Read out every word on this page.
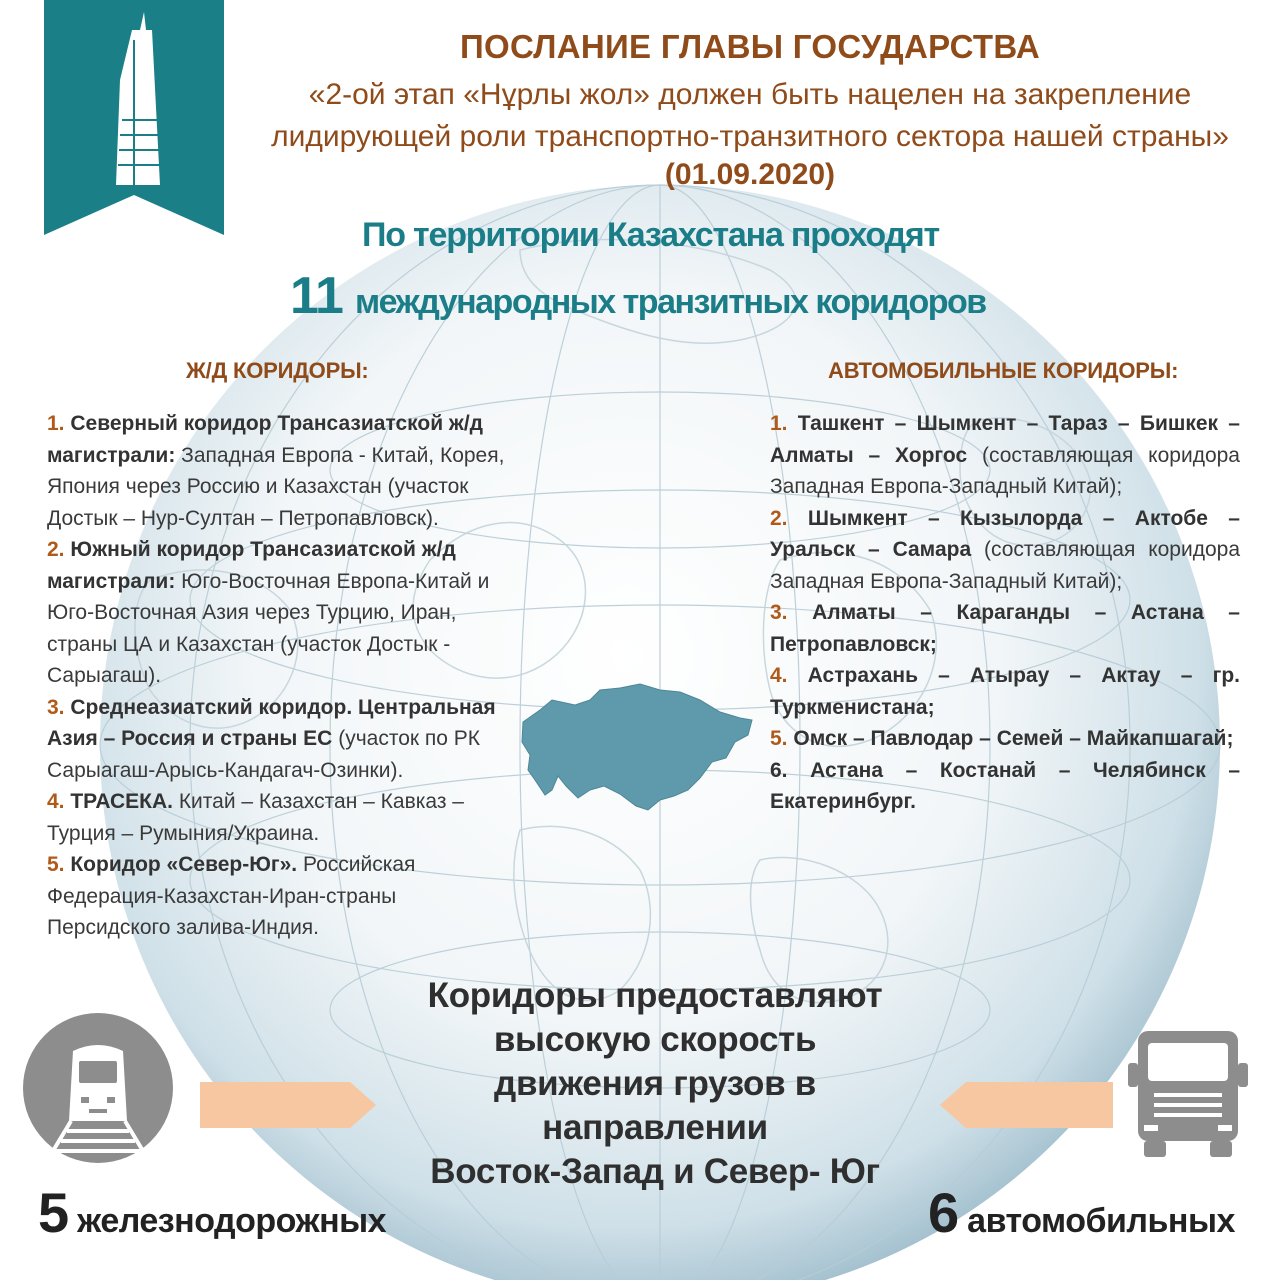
ПОСЛАНИЕ ГЛАВЫ ГОСУДАРСТВА
«2-ой этап «Нұрлы жол» должен быть нацелен на закрепление
лидирующей роли транспортно-транзитного сектора нашей страны»
(01.09.2020)
По территории Казахстана проходят
11 международных транзитных коридоров
Ж/Д КОРИДОРЫ:	АВТОМОБИЛЬНЫЕ КОРИДОРЫ:

1. Северный коридор Трансазиатской ж/д магистрали: Западная Европа - Китай, Корея, Япония через Россию и Казахстан (участок Достык – Нур-Султан – Петропавловск).

2. Южный коридор Трансазиатской ж/д магистрали: Юго-Восточная Европа-Китай и Юго-Восточная Азия через Турцию, Иран, страны ЦА и Казахстан (участок Достык - Сарыагаш).

3. Среднеазиатский коридор. Центральная Азия – Россия и страны ЕС (участок по РК Сарыагаш-Арысь-Кандагач-Озинки).

4. ТРАСЕКА. Китай – Казахстан – Кавказ – Турция – Румыния/Украина.

5. Коридор «Север-Юг». Российская Федерация-Казахстан-Иран-страны Персидского залива-Индия.

1. Ташкент – Шымкент – Тараз – Бишкек – Алматы – Хоргос (составляющая коридора Западная Европа-Западный Китай);

2. Шымкент – Кызылорда – Актобе – Уральск – Самара (составляющая коридора Западная Европа-Западный Китай);

3. Алматы – Караганды – Астана – Петропавловск;

4. Астрахань – Атырау – Актау – гр. Туркменистана;

5. Омск – Павлодар – Семей – Майкапшагай;

6. Астана – Костанай – Челябинск – Екатеринбург.

Коридоры предоставляют
высокую скорость
движения грузов в
направлении
Восток-Запад и Север- Юг
5 железнодорожных	6 автомобильных
